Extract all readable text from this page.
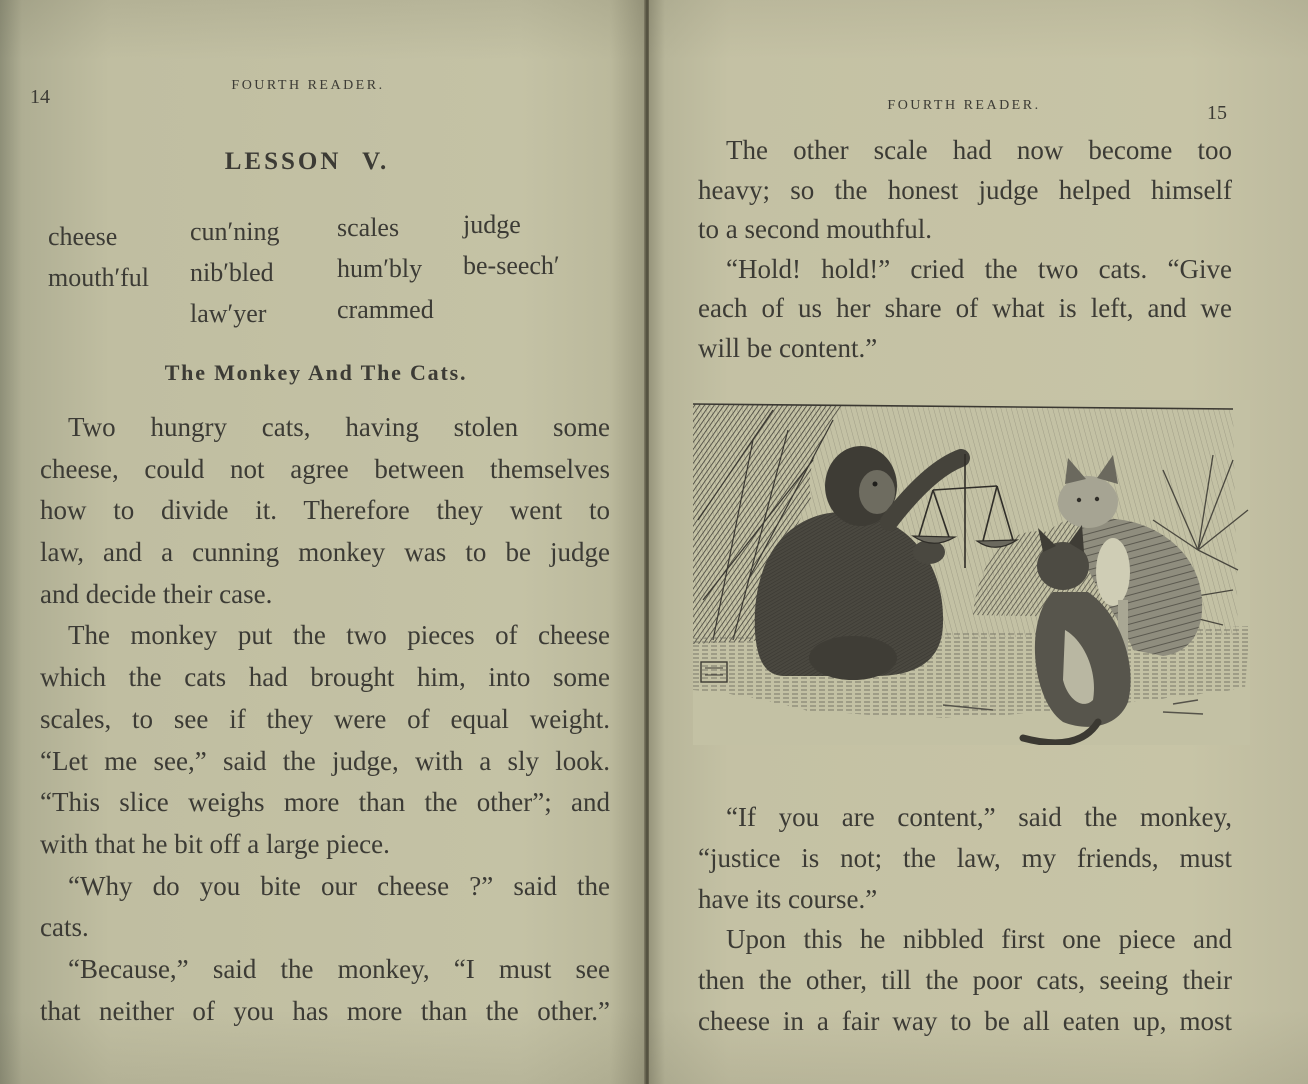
14
FOURTH READER.
LESSON V.
cheese
mouth′ful
cun′ning
nib′bled
law′yer
scales
hum′bly
crammed
judge
be-seech′
The Monkey And The Cats.
Two hungry cats, having stolen some
cheese, could not agree between themselves
how to divide it. Therefore they went to
law, and a cunning monkey was to be judge
and decide their case.
The monkey put the two pieces of cheese
which the cats had brought him, into some
scales, to see if they were of equal weight.
“Let me see,” said the judge, with a sly look.
“This slice weighs more than the other”; and
with that he bit off a large piece.
“Why do you bite our cheese ?” said the
cats.
“Because,” said the monkey, “I must see
that neither of you has more than the other.”
FOURTH READER.	15
The other scale had now become too
heavy; so the honest judge helped himself
to a second mouthful.
“Hold! hold!” cried the two cats. “Give
each of us her share of what is left, and we
will be content.”
“If you are content,” said the monkey,
“justice is not; the law, my friends, must
have its course.”
Upon this he nibbled first one piece and
then the other, till the poor cats, seeing their
cheese in a fair way to be all eaten up, most
